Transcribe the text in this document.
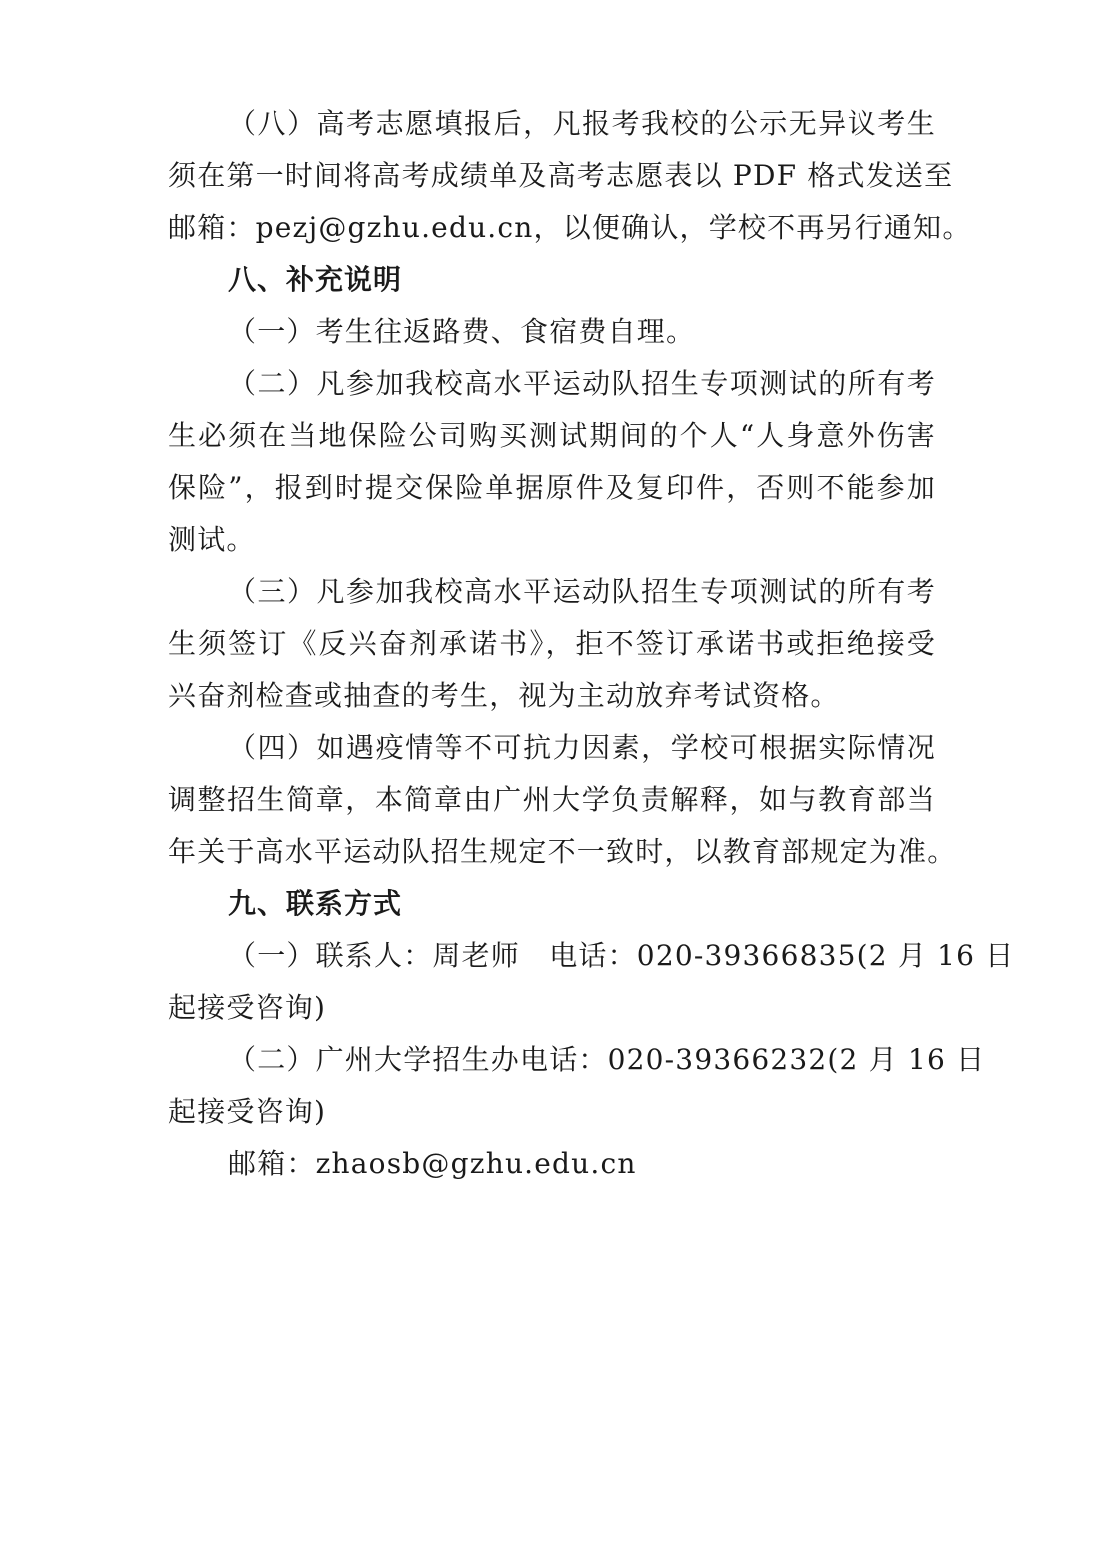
（八）高考志愿填报后，凡报考我校的公示无异议考生
须在第一时间将高考成绩单及高考志愿表以 PDF 格式发送至
邮箱：pezj@gzhu.edu.cn，以便确认，学校不再另行通知。
八、补充说明
（一）考生往返路费、食宿费自理。
（二）凡参加我校高水平运动队招生专项测试的所有考
生必须在当地保险公司购买测试期间的个人“人身意外伤害
保险”，报到时提交保险单据原件及复印件，否则不能参加
测试。
（三）凡参加我校高水平运动队招生专项测试的所有考
生须签订《反兴奋剂承诺书》，拒不签订承诺书或拒绝接受
兴奋剂检查或抽查的考生，视为主动放弃考试资格。
（四）如遇疫情等不可抗力因素，学校可根据实际情况
调整招生简章，本简章由广州大学负责解释，如与教育部当
年关于高水平运动队招生规定不一致时，以教育部规定为准。
九、联系方式
（一）联系人：周老师　电话：020-39366835(2 月 16 日
起接受咨询)
（二）广州大学招生办电话：020-39366232(2 月 16 日
起接受咨询)
邮箱：zhaosb@gzhu.edu.cn
